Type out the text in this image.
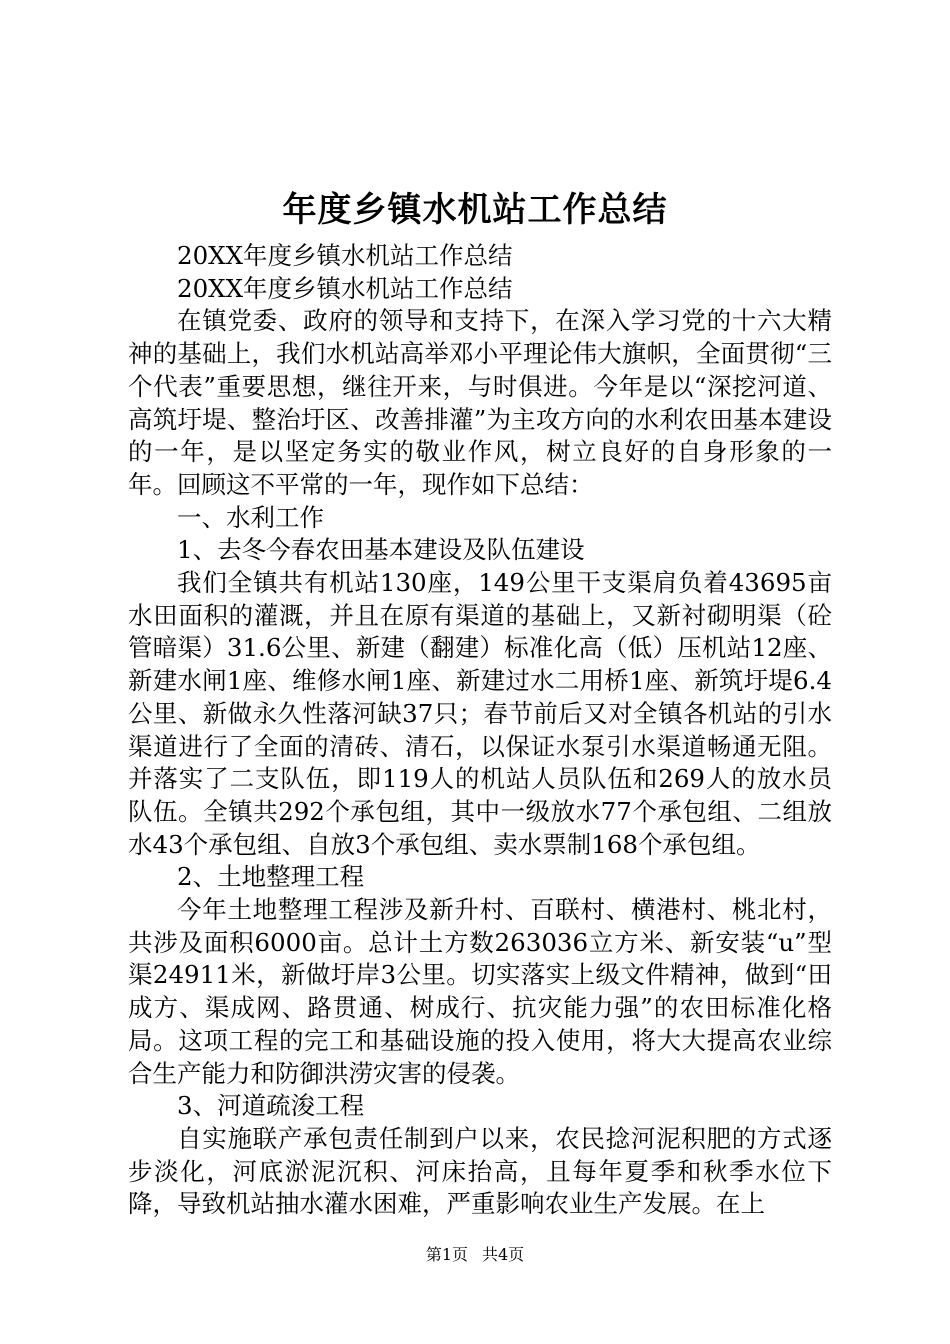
年度乡镇水机站工作总结

20XX年度乡镇水机站工作总结

20XX年度乡镇水机站工作总结

在镇党委、政府的领导和支持下，在深入学习党的十六大精神的基础上，我们水机站高举邓小平理论伟大旗帜，全面贯彻“三个代表”重要思想，继往开来，与时俱进。今年是以“深挖河道、高筑圩堤、整治圩区、改善排灌”为主攻方向的水利农田基本建设的一年，是以坚定务实的敬业作风，树立良好的自身形象的一年。回顾这不平常的一年，现作如下总结：

一、水利工作

1、去冬今春农田基本建设及队伍建设

我们全镇共有机站130座，149公里干支渠肩负着43695亩水田面积的灌溉，并且在原有渠道的基础上，又新衬砌明渠（砼管暗渠）31.6公里、新建（翻建）标准化高（低）压机站12座、新建水闸1座、维修水闸1座、新建过水二用桥1座、新筑圩堤6.4公里、新做永久性落河缺37只；春节前后又对全镇各机站的引水渠道进行了全面的清砖、清石，以保证水泵引水渠道畅通无阻。并落实了二支队伍，即119人的机站人员队伍和269人的放水员队伍。全镇共292个承包组，其中一级放水77个承包组、二组放水43个承包组、自放3个承包组、卖水票制168个承包组。

2、土地整理工程

今年土地整理工程涉及新升村、百联村、横港村、桃北村，共涉及面积6000亩。总计土方数263036立方米、新安装“u”型渠24911米，新做圩岸3公里。切实落实上级文件精神，做到“田成方、渠成网、路贯通、树成行、抗灾能力强”的农田标准化格局。这项工程的完工和基础设施的投入使用，将大大提高农业综合生产能力和防御洪涝灾害的侵袭。

3、河道疏浚工程

自实施联产承包责任制到户以来，农民捻河泥积肥的方式逐步淡化，河底淤泥沉积、河床抬高，且每年夏季和秋季水位下降，导致机站抽水灌水困难，严重影响农业生产发展。在上

第1页 共4页
